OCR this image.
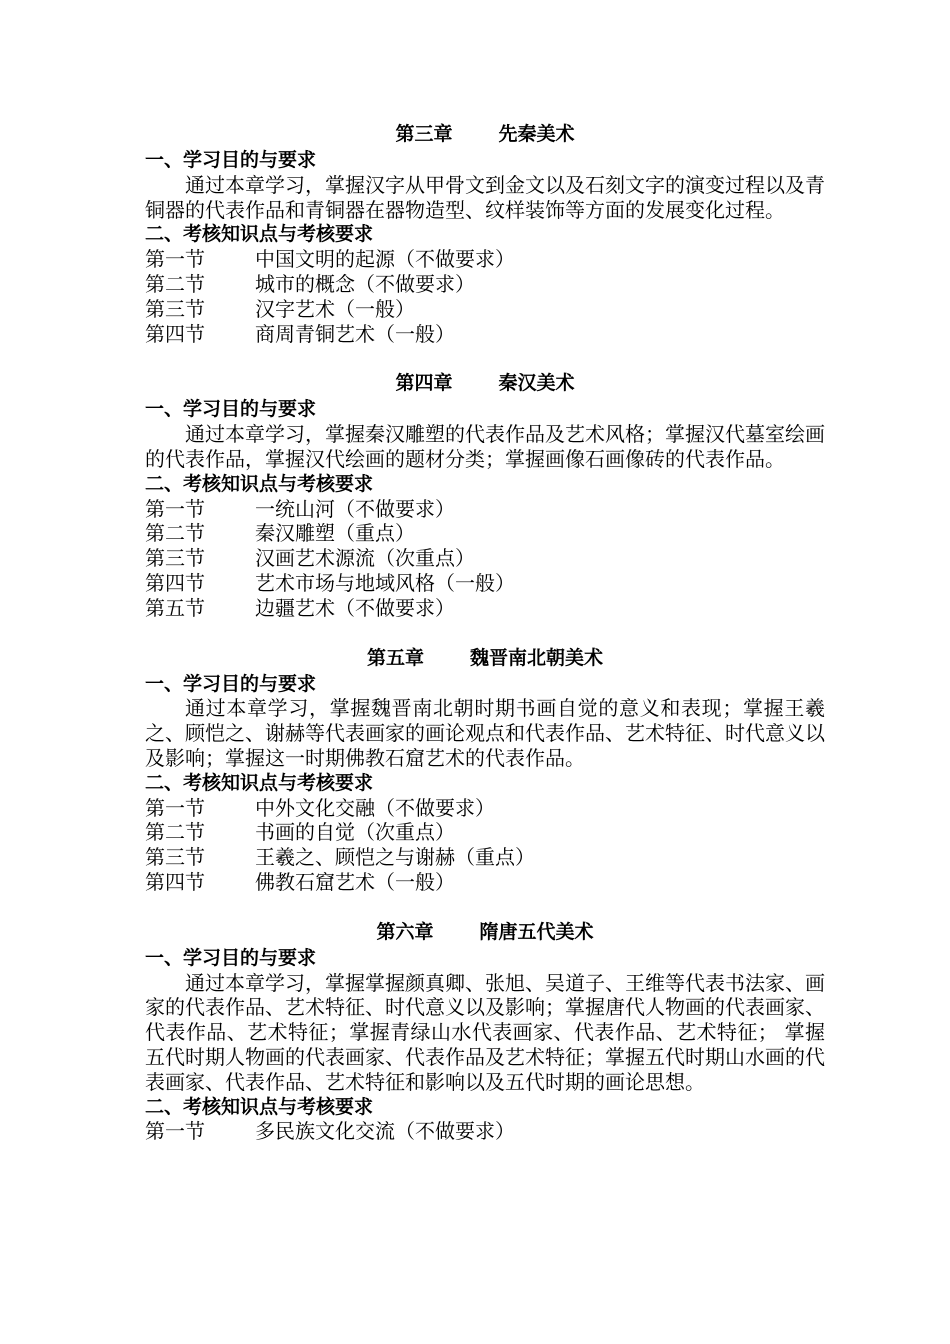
第三章 先秦美术
一、学习目的与要求
通过本章学习，掌握汉字从甲骨文到金文以及石刻文字的演变过程以及青铜器的代表作品和青铜器在器物造型、纹样装饰等方面的发展变化过程。
二、考核知识点与考核要求
第一节	中国文明的起源（不做要求）
第二节	城市的概念（不做要求）
第三节	汉字艺术（一般）
第四节	商周青铜艺术（一般）
第四章 秦汉美术
一、学习目的与要求
通过本章学习，掌握秦汉雕塑的代表作品及艺术风格；掌握汉代墓室绘画的代表作品，掌握汉代绘画的题材分类；掌握画像石画像砖的代表作品。
二、考核知识点与考核要求
第一节	一统山河（不做要求）
第二节	秦汉雕塑（重点）
第三节	汉画艺术源流（次重点）
第四节	艺术市场与地域风格（一般）
第五节	边疆艺术（不做要求）
第五章 魏晋南北朝美术
一、学习目的与要求
通过本章学习，掌握魏晋南北朝时期书画自觉的意义和表现；掌握王羲之、顾恺之、谢赫等代表画家的画论观点和代表作品、艺术特征、时代意义以及影响；掌握这一时期佛教石窟艺术的代表作品。
二、考核知识点与考核要求
第一节	中外文化交融（不做要求）
第二节	书画的自觉（次重点）
第三节	王羲之、顾恺之与谢赫（重点）
第四节	佛教石窟艺术（一般）
第六章 隋唐五代美术
一、学习目的与要求
通过本章学习，掌握掌握颜真卿、张旭、吴道子、王维等代表书法家、画家的代表作品、艺术特征、时代意义以及影响；掌握唐代人物画的代表画家、代表作品、艺术特征；掌握青绿山水代表画家、代表作品、艺术特征； 掌握五代时期人物画的代表画家、代表作品及艺术特征；掌握五代时期山水画的代表画家、代表作品、艺术特征和影响以及五代时期的画论思想。
二、考核知识点与考核要求
第一节	多民族文化交流（不做要求）
